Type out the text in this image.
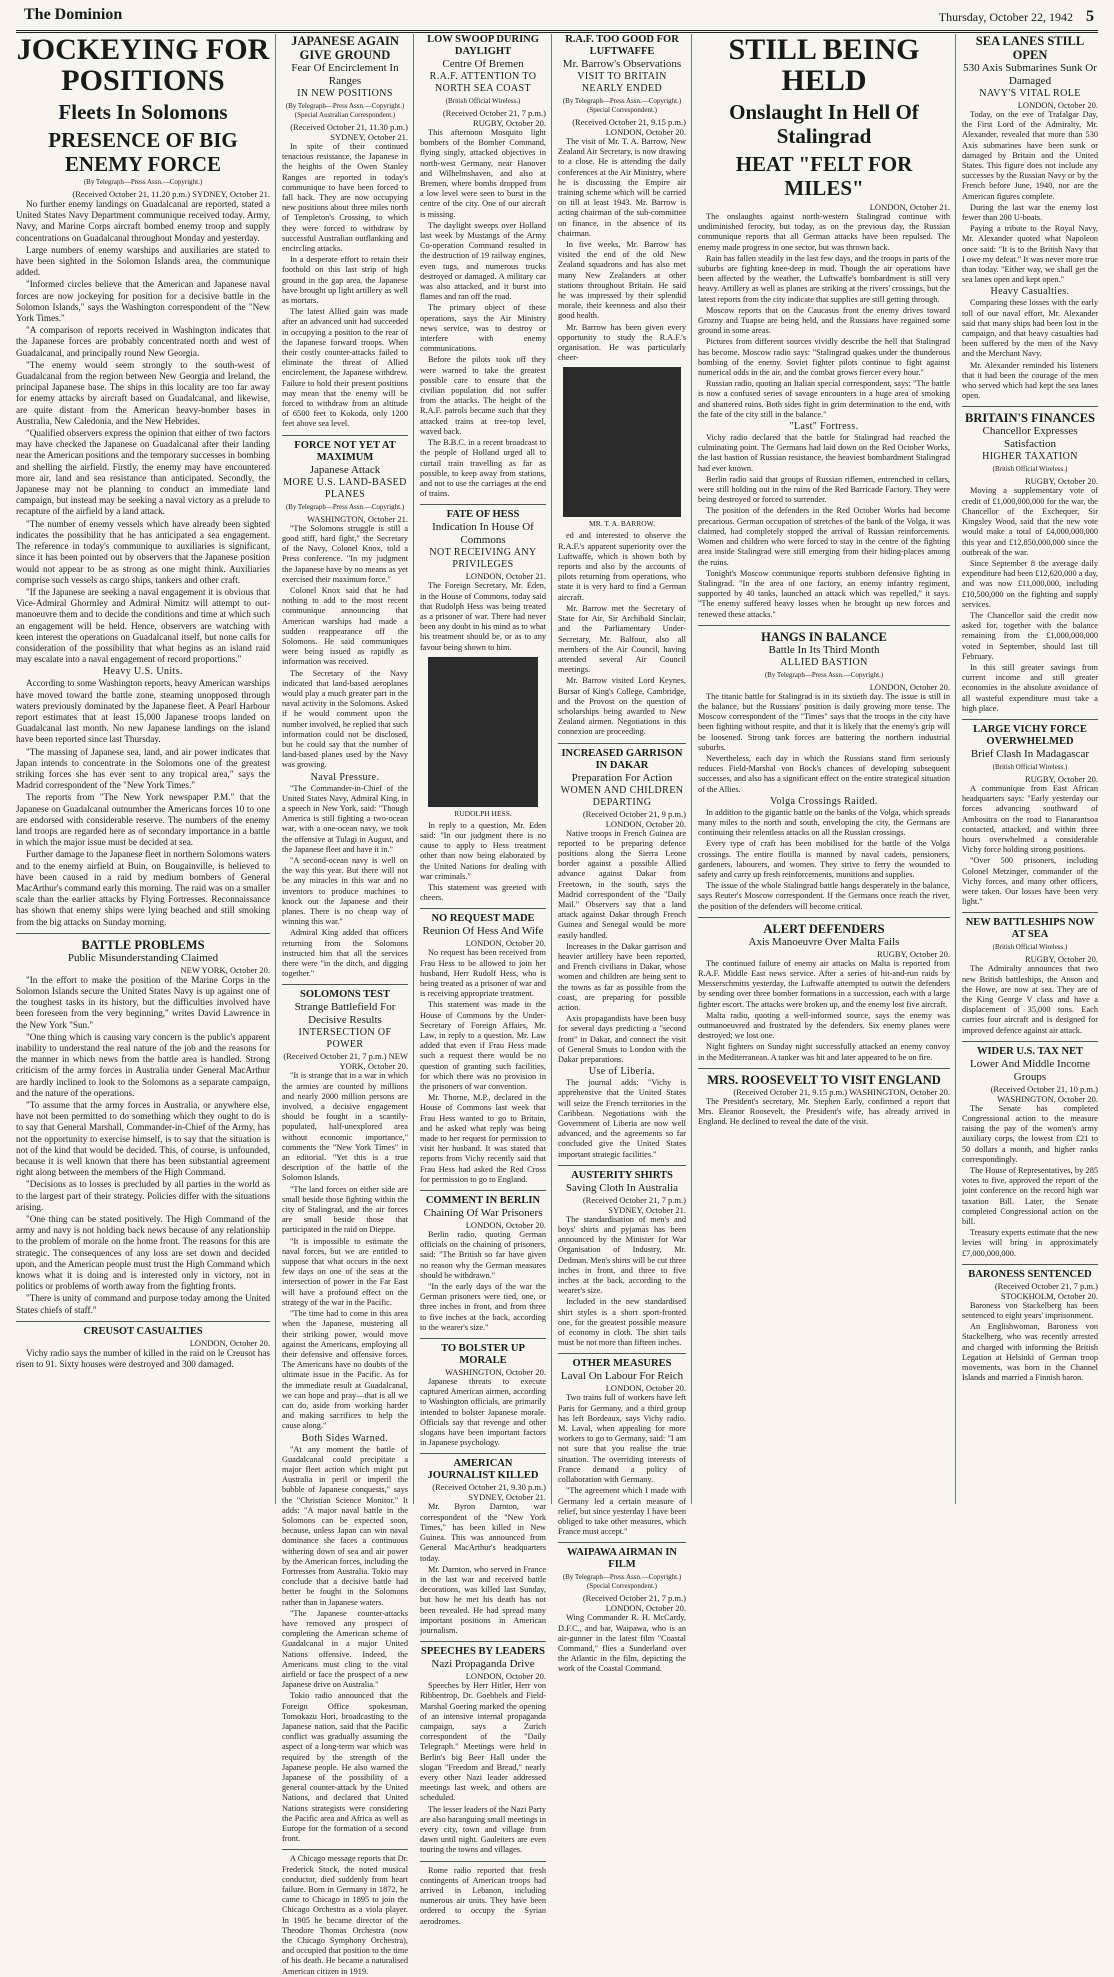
The Dominion	Thursday, October 22, 1942 5

JOCKEYING FOR POSITIONS

Fleets In Solomons

PRESENCE OF BIG ENEMY FORCE

(By Telegraph—Press Assn.—Copyright.)

(Received October 21, 11.20 p.m.) SYDNEY, October 21.

No further enemy landings on Guadalcanal are reported, stated a United States Navy Department communique received today. Army, Navy, and Marine Corps aircraft bombed enemy troop and supply concentrations on Guadalcanal throughout Monday and yesterday.

Large numbers of enemy warships and auxiliaries are stated to have been sighted in the Solomon Islands area, the communique added.

"Informed circles believe that the American and Japanese naval forces are now jockeying for position for a decisive battle in the Solomon Islands," says the Washington correspondent of the "New York Times."

"A comparison of reports received in Washington indicates that the Japanese forces are probably concentrated north and west of Guadalcanal, and principally round New Georgia.

"The enemy would seem strongly to the south-west of Guadalcanal from the region between New Georgia and Ireland, the principal Japanese base. The ships in this locality are too far away for enemy attacks by aircraft based on Guadalcanal, and likewise, are quite distant from the American heavy-bomber bases in Australia, New Caledonia, and the New Hebrides.

"Qualified observers express the opinion that either of two factors may have checked the Japanese on Guadalcanal after their landing near the American positions and the temporary successes in bombing and shelling the airfield. Firstly, the enemy may have encountered more air, land and sea resistance than anticipated. Secondly, the Japanese may not be planning to conduct an immediate land campaign, but instead may be seeking a naval victory as a prelude to recapture of the airfield by a land attack.

"The number of enemy vessels which have already been sighted indicates the possibility that he has anticipated a sea engagement. The reference in today's communique to auxiliaries is significant, since it has been pointed out by observers that the Japanese position would not appear to be as strong as one might think. Auxiliaries comprise such vessels as cargo ships, tankers and other craft.

"If the Japanese are seeking a naval engagement it is obvious that Vice-Admiral Ghormley and Admiral Nimitz will attempt to out-manoeuvre them and to decide the conditions and time at which such an engagement will be held. Hence, observers are watching with keen interest the operations on Guadalcanal itself, but none calls for consideration of the possibility that what begins as an island raid may escalate into a naval engagement of record proportions."

Heavy U.S. Units.

According to some Washington reports, heavy American warships have moved toward the battle zone, steaming unopposed through waters previously dominated by the Japanese fleet. A Pearl Harbour report estimates that at least 15,000 Japanese troops landed on Guadalcanal last month. No new Japanese landings on the island have been reported since last Thursday.

"The massing of Japanese sea, land, and air power indicates that Japan intends to concentrate in the Solomons one of the greatest striking forces she has ever sent to any tropical area," says the Madrid correspondent of the "New York Times."

The reports from "The New York newspaper P.M." that the Japanese on Guadalcanal outnumber the Americans forces 10 to one are endorsed with considerable reserve. The numbers of the enemy land troops are regarded here as of secondary importance in a battle in which the major issue must be decided at sea.

Further damage to the Japanese fleet in northern Solomons waters and to the enemy airfield at Buin, on Bougainville, is believed to have been caused in a raid by medium bombers of General MacArthur's command early this morning. The raid was on a smaller scale than the earlier attacks by Flying Fortresses. Reconnaissance has shown that enemy ships were lying beached and still smoking from the big attacks on Sunday morning.

BATTLE PROBLEMS

Public Misunderstanding Claimed

NEW YORK, October 20.

"In the effort to make the position of the Marine Corps in the Solomon Islands secure the United States Navy is up against one of the toughest tasks in its history, but the difficulties involved have been foreseen from the very beginning," writes David Lawrence in the New York "Sun."

"One thing which is causing vary concern is the public's apparent inability to understand the real nature of the job and the reasons for the manner in which news from the battle area is handled. Strong criticism of the army forces in Australia under General MacArthur are hardly inclined to look to the Solomons as a separate campaign, and the nature of the operations.

"To assume that the army forces in Australia, or anywhere else, have not been permitted to do something which they ought to do is to say that General Marshall, Commander-in-Chief of the Army, has not the opportunity to exercise himself, is to say that the situation is not of the kind that would be decided. This, of course, is unfounded, because it is well known that there has been substantial agreement right along between the members of the High Command.

"Decisions as to losses is precluded by all parties in the world as to the largest part of their strategy. Policies differ with the situations arising.

"One thing can be stated positively. The High Command of the army and navy is not holding back news because of any relationship to the problem of morale on the home front. The reasons for this are strategic. The consequences of any loss are set down and decided upon, and the American people must trust the High Command which knows what it is doing and is interested only in victory, not in politics or problems of worth away from the fighting fronts.

"There is unity of command and purpose today among the United States chiefs of staff."

CREUSOT CASUALTIES

LONDON, October 20.

Vichy radio says the number of killed in the raid on le Creusot has risen to 91. Sixty houses were destroyed and 300 damaged.

JAPANESE AGAIN GIVE GROUND

Fear Of Encirclement In Ranges

IN NEW POSITIONS

(By Telegraph—Press Assn.—Copyright.) (Special Australian Correspondent.)

(Received October 21, 11.30 p.m.) SYDNEY, October 21.

In spite of their continued tenacious resistance, the Japanese in the heights of the Owen Stanley Ranges are reported in today's communique to have been forced to fall back. They are now occupying new positions about three miles north of Templeton's Crossing, to which they were forced to withdraw by successful Australian outflanking and encircling attacks.

In a desperate effort to retain their foothold on this last strip of high ground in the gap area, the Japanese have brought up light artillery as well as mortars.

The latest Allied gain was made after an advanced unit had succeeded in occupying a position to the rear of the Japanese forward troops. When their costly counter-attacks failed to eliminate the threat of Allied encirclement, the Japanese withdrew. Failure to hold their present positions may mean that the enemy will be forced to withdraw from an altitude of 6500 feet to Kokoda, only 1200 feet above sea level.

FORCE NOT YET AT MAXIMUM

Japanese Attack

MORE U.S. LAND-BASED PLANES

(By Telegraph—Press Assn.—Copyright.)

WASHINGTON, October 21.

"The Solomons struggle is still a good stiff, hard fight," the Secretary of the Navy, Colonel Knox, told a Press conference. "In my judgment the Japanese have by no means as yet exercised their maximum force."

Colonel Knox said that he had nothing to add to the most recent communique announcing that American warships had made a sudden reappearance off the Solomons. He said communiques were being issued as rapidly as information was received.

The Secretary of the Navy indicated that land-based aeroplanes would play a much greater part in the naval activity in the Solomons. Asked if he would comment upon the number involved, he replied that such information could not be disclosed, but he could say that the number of land-based planes used by the Navy was growing.

Naval Pressure.

"The Commander-in-Chief of the United States Navy, Admiral King, in a speech in New York, said: "Though America is still fighting a two-ocean war, with a one-ocean navy, we took the offensive at Tulagi in August, and the Japanese fleet and have it in."

"A second-ocean navy is well on the way this year. But there will not be any miracles in this war and no inventors to produce machines to knock out the Japanese and their planes. There is no cheap way of winning this war."

Admiral King added that officers returning from the Solomons instructed him that all the services there were "in the ditch, and digging together."

SOLOMONS TEST

Strange Battlefield For Decisive Results

INTERSECTION OF POWER

(Received October 21, 7 p.m.) NEW YORK, October 20.

"It is strange that in a war in which the armies are counted by millions and nearly 2000 million persons are involved, a decisive engagement should be fought in a scantily-populated, half-unexplored area without economic importance," comments the "New York Times" in an editorial. "Yet this is a true description of the battle of the Solomon Islands.

"The land forces on either side are small beside those fighting within the city of Stalingrad, and the air forces are small beside those that participated in the raid on Dieppe.

"It is impossible to estimate the naval forces, but we are entitled to suppose that what occurs in the next few days on one of the seas at the intersection of power in the Far East will have a profound effect on the strategy of the war in the Pacific.

"The time had to come in this area when the Japanese, mustering all their striking power, would move against the Americans, employing all their defensive and offensive forces. The Americans have no doubts of the ultimate issue in the Pacific. As for the immediate result at Guadalcanal, we can hope and pray—that is all we can do, aside from working harder and making sacrifices to help the cause along."

Both Sides Warned.

"At any moment the battle of Guadalcanal could precipitate a major fleet action which might put Australia in peril or imperil the bubble of Japanese conquests," says the "Christian Science Monitor." It adds: "A major naval battle in the Solomons can be expected soon, because, unless Japan can win naval dominance she faces a continuous withering down of sea and air power by the American forces, including the Fortresses from Australia. Tokio may conclude that a decisive battle had better be fought in the Solomons rather than in Japanese waters.

"The Japanese counter-attacks have removed any prospect of completing the American scheme of Guadalcanal in a major United Nations offensive. Indeed, the Americans must cling to the vital airfield or face the prospect of a new Japanese drive on Australia."

Tokio radio announced that the Foreign Office spokesman, Tomokazu Hori, broadcasting to the Japanese nation, said that the Pacific conflict was gradually assuming the aspect of a long-term war which was required by the strength of the Japanese people. He also warned the Japanese of the possibility of a general counter-attack by the United Nations, and declared that United Nations strategists were considering the Pacific area and Africa as well as Europe for the formation of a second front.

A Chicago message reports that Dr. Frederick Stock, the noted musical conductor, died suddenly from heart failure. Born in Germany in 1872, he came to Chicago in 1895 to join the Chicago Orchestra as a viola player. In 1905 he became director of the Theodore Thomas Orchestra (now the Chicago Symphony Orchestra), and occupied that position to the time of his death. He became a naturalised American citizen in 1919.

LOW SWOOP DURING DAYLIGHT

Centre Of Bremen

R.A.F. ATTENTION TO NORTH SEA COAST

(British Official Wireless.)

(Received October 21, 7 p.m.) RUGBY, October 20.

This afternoon Mosquito light bombers of the Bomber Command, flying singly, attacked objectives in north-west Germany, near Hanover and Wilhelmshaven, and also at Bremen, where bombs dropped from a low level were seen to burst in the centre of the city. One of our aircraft is missing.

The daylight sweeps over Holland last week by Mustangs of the Army Co-operation Command resulted in the destruction of 19 railway engines, even tugs, and numerous trucks destroyed or damaged. A military car was also attacked, and it burst into flames and ran off the road.

The primary object of these operations, says the Air Ministry news service, was to destroy or interfere with enemy communications.

Before the pilots took off they were warned to take the greatest possible care to ensure that the civilian population did not suffer from the attacks. The height of the R.A.F. patrols became such that they attacked trains at tree-top level, waved back.

The B.B.C. in a recent broadcast to the people of Holland urged all to curtail train travelling as far as possible, to keep away from stations, and not to use the carriages at the end of trains.

FATE OF HESS

Indication In House Of Commons

NOT RECEIVING ANY PRIVILEGES

LONDON, October 21.

The Foreign Secretary, Mr. Eden, in the House of Commons, today said that Rudolph Hess was being treated as a prisoner of war. There had never been any doubt in his mind as to what his treatment should be, or as to any favour being shown to him.

RUDOLPH HESS.

In reply to a question, Mr. Eden said: "In our judgment there is no cause to apply to Hess treatment other than now being elaborated by the United Nations for dealing with war criminals."

This statement was greeted with cheers.

NO REQUEST MADE

Reunion Of Hess And Wife

LONDON, October 20.

No request has been received from Frau Hess to be allowed to join her husband, Herr Rudolf Hess, who is being treated as a prisoner of war and is receiving appropriate treatment.

This statement was made in the House of Commons by the Under-Secretary of Foreign Affairs, Mr. Law, in reply to a question. Mr. Law added that even if Frau Hess made such a request there would be no question of granting such facilities, for which there was no provision in the prisoners of war convention.

Mr. Thorne, M.P., declared in the House of Commons last week that Frau Hess wanted to go to Britain, and he asked what reply was being made to her request for permission to visit her husband. It was stated that reports from Vichy recently said that Frau Hess had asked the Red Cross for permission to go to England.

COMMENT IN BERLIN

Chaining Of War Prisoners

LONDON, October 20.

Berlin radio, quoting German officials on the chaining of prisoners, said: "The British so far have given no reason why the German measures should be withdrawn."

"In the early days of the war the German prisoners were tied, one, or three inches in front, and from three to five inches at the back, according to the wearer's size."

TO BOLSTER UP MORALE

WASHINGTON, October 20.

Japanese threats to execute captured American airmen, according to Washington officials, are primarily intended to bolster Japanese morale. Officials say that revenge and other slogans have been important factors in Japanese psychology.

AMERICAN JOURNALIST KILLED

(Received October 21, 9.30 p.m.) SYDNEY, October 21.

Mr. Byron Darnton, war correspondent of the "New York Times," has been killed in New Guinea. This was announced from General MacArthur's headquarters today.

Mr. Darnton, who served in France in the last war and received battle decorations, was killed last Sunday, but how he met his death has not been revealed. He had spread many important positions in American journalism.

SPEECHES BY LEADERS

Nazi Propaganda Drive

LONDON, October 20.

Speeches by Herr Hitler, Herr von Ribbentrop, Dr. Goebbels and Field-Marshal Goering marked the opening of an intensive internal propaganda campaign, says a Zurich correspondent of the "Daily Telegraph." Meetings were held in Berlin's big Beer Hall under the slogan "Freedom and Bread," nearly every other Nazi leader addressed meetings last week, and others are scheduled.

The lesser leaders of the Nazi Party are also haranguing small meetings in every city, town and village from dawn until night. Gauleiters are even touring the towns and villages.

Rome radio reported that fresh contingents of American troops had arrived in Lebanon, including numerous air units. They have been ordered to occupy the Syrian aerodromes.

R.A.F. TOO GOOD FOR LUFTWAFFE

Mr. Barrow's Observations

VISIT TO BRITAIN NEARLY ENDED

(By Telegraph—Press Assn.—Copyright.) (Special Correspondent.)

(Received October 21, 9.15 p.m.) LONDON, October 20.

The visit of Mr. T. A. Barrow, New Zealand Air Secretary, is now drawing to a close. He is attending the daily conferences at the Air Ministry, where he is discussing the Empire air training scheme which will be carried on till at least 1943. Mr. Barrow is acting chairman of the sub-committee on finance, in the absence of its chairman.

In five weeks, Mr. Barrow has visited the end of the old New Zealand squadrons and has also met many New Zealanders at other stations throughout Britain. He said he was impressed by their splendid morale, their keenness and also their good health.

Mr. Barrow has been given every opportunity to study the R.A.F.'s organisation. He was particularly cheer-

MR. T. A. BARROW.

ed and interested to observe the R.A.F.'s apparent superiority over the Luftwaffe, which is shown both by reports and also by the accounts of pilots returning from operations, who state it is very hard to find a German aircraft.

Mr. Barrow met the Secretary of State for Air, Sir Archibald Sinclair, and the Parliamentary Under-Secretary, Mr. Balfour, also all members of the Air Council, having attended several Air Council meetings.

Mr. Barrow visited Lord Keynes, Bursar of King's College, Cambridge, and the Provost on the question of scholarships being awarded to New Zealand airmen. Negotiations in this connexion are proceeding.

INCREASED GARRISON IN DAKAR

Preparation For Action

WOMEN AND CHILDREN DEPARTING

(Received October 21, 9 p.m.) LONDON, October 20.

Native troops in French Guinea are reported to be preparing defence positions along the Sierra Leone border against a possible Allied advance against Dakar from Freetown, in the south, says the Madrid correspondent of the "Daily Mail." Observers say that a land attack against Dakar through French Guinea and Senegal would be more easily handled.

Increases in the Dakar garrison and heavier artillery have been reported, and French civilians in Dakar, whose women and children are being sent to the towns as far as possible from the coast, are preparing for possible action.

Axis propagandists have been busy for several days predicting a "second front" in Dakar, and connect the visit of General Smuts to London with the Dakar preparations.

Use of Liberia.

The journal adds: "Vichy is apprehensive that the United States will seize the French territories in the Caribbean. Negotiations with the Government of Liberia are now well advanced, and the agreements so far concluded give the United States important strategic facilities."

AUSTERITY SHIRTS

Saving Cloth In Australia

(Received October 21, 7 p.m.) SYDNEY, October 21.

The standardisation of men's and boys' shirts and pyjamas has been announced by the Minister for War Organisation of Industry, Mr. Dedman. Men's shirts will be cut three inches in front, and three to five inches at the back, according to the wearer's size.

Included in the new standardised shirt styles is a short sport-fronted one, for the greatest possible measure of economy in cloth. The shirt tails must be not more than fifteen inches.

OTHER MEASURES

Laval On Labour For Reich

LONDON, October 20.

Two trains full of workers have left Paris for Germany, and a third group has left Bordeaux, says Vichy radio. M. Laval, when appealing for more workers to go to Germany, said: "I am not sure that you realise the true situation. The overriding interests of France demand a policy of collaboration with Germany.

"The agreement which I made with Germany led a certain measure of relief, but since yesterday I have been obliged to take other measures, which France must accept."

WAIPAWA AIRMAN IN FILM

(By Telegraph—Press Assn.—Copyright.) (Special Correspondent.)

(Received October 21, 7 p.m.) LONDON, October 20.

Wing Commander R. H. McCardy, D.F.C., and bar, Waipawa, who is an air-gunner in the latest film "Coastal Command," flies a Sunderland over the Atlantic in the film, depicting the work of the Coastal Command.

STILL BEING HELD

Onslaught In Hell Of Stalingrad

HEAT "FELT FOR MILES"

LONDON, October 21.

The onslaughts against north-western Stalingrad continue with undiminished ferocity, but today, as on the previous day, the Russian communique reports that all German attacks have been repulsed. The enemy made progress in one sector, but was thrown back.

Rain has fallen steadily in the last few days, and the troops in parts of the suburbs are fighting knee-deep in mud. Though the air operations have been affected by the weather, the Luftwaffe's bombardment is still very heavy. Artillery as well as planes are striking at the rivers' crossings, but the latest reports from the city indicate that supplies are still getting through.

Moscow reports that on the Caucasus front the enemy drives toward Grozny and Tuapse are being held, and the Russians have regained some ground in some areas.

Pictures from different sources vividly describe the hell that Stalingrad has become. Moscow radio says: "Stalingrad quakes under the thunderous bombing of the enemy. Soviet fighter pilots continue to fight against numerical odds in the air, and the combat grows fiercer every hour."

Russian radio, quoting an Italian special correspondent, says: "The battle is now a confused series of savage encounters in a huge area of smoking and shattered ruins. Both sides fight in grim determination to the end, with the fate of the city still in the balance."

"Last" Fortress.

Vichy radio declared that the battle for Stalingrad had reached the culminating point. The Germans had laid down on the Red October Works, the last bastion of Russian resistance, the heaviest bombardment Stalingrad had ever known.

Berlin radio said that groups of Russian riflemen, entrenched in cellars, were still holding out in the ruins of the Red Barricade Factory. They were being destroyed or forced to surrender.

The position of the defenders in the Red October Works had become precarious. German occupation of stretches of the bank of the Volga, it was claimed, had completely stopped the arrival of Russian reinforcements. Women and children who were forced to stay in the centre of the fighting area inside Stalingrad were still emerging from their hiding-places among the ruins.

Tonight's Moscow communique reports stubborn defensive fighting in Stalingrad. "In the area of one factory, an enemy infantry regiment, supported by 40 tanks, launched an attack which was repelled," it says. "The enemy suffered heavy losses when he brought up new forces and renewed these attacks."

HANGS IN BALANCE

Battle In Its Third Month

ALLIED BASTION

(By Telegraph—Press Assn.—Copyright.)

LONDON, October 20.

The titanic battle for Stalingrad is in its sixtieth day. The issue is still in the balance, but the Russians' position is daily growing more tense. The Moscow correspondent of the "Times" says that the troops in the city have been fighting without respite, and that it is likely that the enemy's grip will be loosened. Strong tank forces are battering the northern industrial suburbs.

Nevertheless, each day in which the Russians stand firm seriously reduces Field-Marshal von Bock's chances of developing subsequent successes, and also has a significant effect on the entire strategical situation of the Allies.

Volga Crossings Raided.

In addition to the gigantic battle on the banks of the Volga, which spreads many miles to the north and south, enveloping the city, the Germans are continuing their relentless attacks on all the Russian crossings.

Every type of craft has been mobilised for the battle of the Volga crossings. The entire flotilla is manned by naval cadets, pensioners, gardeners, labourers, and women. They strive to ferry the wounded to safety and carry up fresh reinforcements, munitions and supplies.

The issue of the whole Stalingrad battle hangs desperately in the balance, says Reuter's Moscow correspondent. If the Germans once reach the river, the position of the defenders will become critical.

ALERT DEFENDERS

Axis Manoeuvre Over Malta Fails

RUGBY, October 20.

The continued failure of enemy air attacks on Malta is reported from R.A.F. Middle East news service. After a series of hit-and-run raids by Messerschmitts yesterday, the Luftwaffe attempted to outwit the defenders by sending over three bomber formations in a succession, each with a large fighter escort. The attacks were broken up, and the enemy lost five aircraft.

Malta radio, quoting a well-informed source, says the enemy was outmanoeuvred and frustrated by the defenders. Six enemy planes were destroyed; we lost one.

Night fighters on Sunday night successfully attacked an enemy convoy in the Mediterranean. A tanker was hit and later appeared to be on fire.

MRS. ROOSEVELT TO VISIT ENGLAND

(Received October 21, 9.15 p.m.) WASHINGTON, October 20.

The President's secretary, Mr. Stephen Early, confirmed a report that Mrs. Eleanor Roosevelt, the President's wife, has already arrived in England. He declined to reveal the date of the visit.

SEA LANES STILL OPEN

530 Axis Submarines Sunk Or Damaged

NAVY'S VITAL ROLE

LONDON, October 20.

Today, on the eve of Trafalgar Day, the First Lord of the Admiralty, Mr. Alexander, revealed that more than 530 Axis submarines have been sunk or damaged by Britain and the United States. This figure does not include any successes by the Russian Navy or by the French before June, 1940, nor are the American figures complete.

During the last war the enemy lost fewer than 200 U-boats.

Paying a tribute to the Royal Navy, Mr. Alexander quoted what Napoleon once said: "It is to the British Navy that I owe my defeat." It was never more true than today. "Either way, we shall get the sea lanes open and kept open."

Heavy Casualties.

Comparing these losses with the early toll of our naval effort, Mr. Alexander said that many ships had been lost in the campaign, and that heavy casualties had been suffered by the men of the Navy and the Merchant Navy.

Mr. Alexander reminded his listeners that it had been the courage of the men who served which had kept the sea lanes open.

BRITAIN'S FINANCES

Chancellor Expresses Satisfaction

HIGHER TAXATION

(British Official Wireless.)

RUGBY, October 20.

Moving a supplementary vote of credit of £1,000,000,000 for the war, the Chancellor of the Exchequer, Sir Kingsley Wood, said that the new vote would make a total of £4,000,000,000 this year and £12,850,000,000 since the outbreak of the war.

Since September 8 the average daily expenditure had been £12,620,000 a day, and was now £11,000,000, including £10,500,000 on the fighting and supply services.

The Chancellor said the credit now asked for, together with the balance remaining from the £1,000,000,000 voted in September, should last till February.

In this still greater savings from current income and still greater economies in the absolute avoidance of all wasteful expenditure must take a high place.

LARGE VICHY FORCE OVERWHELMED

Brief Clash In Madagascar

(British Official Wireless.)

RUGBY, October 20.

A communique from East African headquarters says: "Early yesterday our forces advancing southward of Ambositra on the road to Fianarantsoa contacted, attacked, and within three hours overwhelmed a considerable Vichy force holding strong positions.

"Over 500 prisoners, including Colonel Metzinger, commander of the Vichy forces, and many other officers, were taken. Our losses have been very light."

NEW BATTLESHIPS NOW AT SEA

(British Official Wireless.)

RUGBY, October 20.

The Admiralty announces that two new British battleships, the Anson and the Howe, are now at sea. They are of the King George V class and have a displacement of 35,000 tons. Each carries four aircraft and is designed for improved defence against air attack.

WIDER U.S. TAX NET

Lower And Middle Income Groups

(Received October 21, 10 p.m.) WASHINGTON, October 20.

The Senate has completed Congressional action to the measure raising the pay of the women's army auxiliary corps, the lowest from £21 to 50 dollars a month, and higher ranks correspondingly.

The House of Representatives, by 285 votes to five, approved the report of the joint conference on the record high war taxation Bill. Later, the Senate completed Congressional action on the bill.

Treasury experts estimate that the new levies will bring in approximately £7,000,000,000.

BARONESS SENTENCED

(Received October 21, 7 p.m.) STOCKHOLM, October 20.

Baroness von Stackelberg has been sentenced to eight years' imprisonment.

An Englishwoman, Baroness von Stackelberg, who was recently arrested and charged with informing the British Legation at Helsinki of German troop movements, was born in the Channel Islands and married a Finnish baron.
